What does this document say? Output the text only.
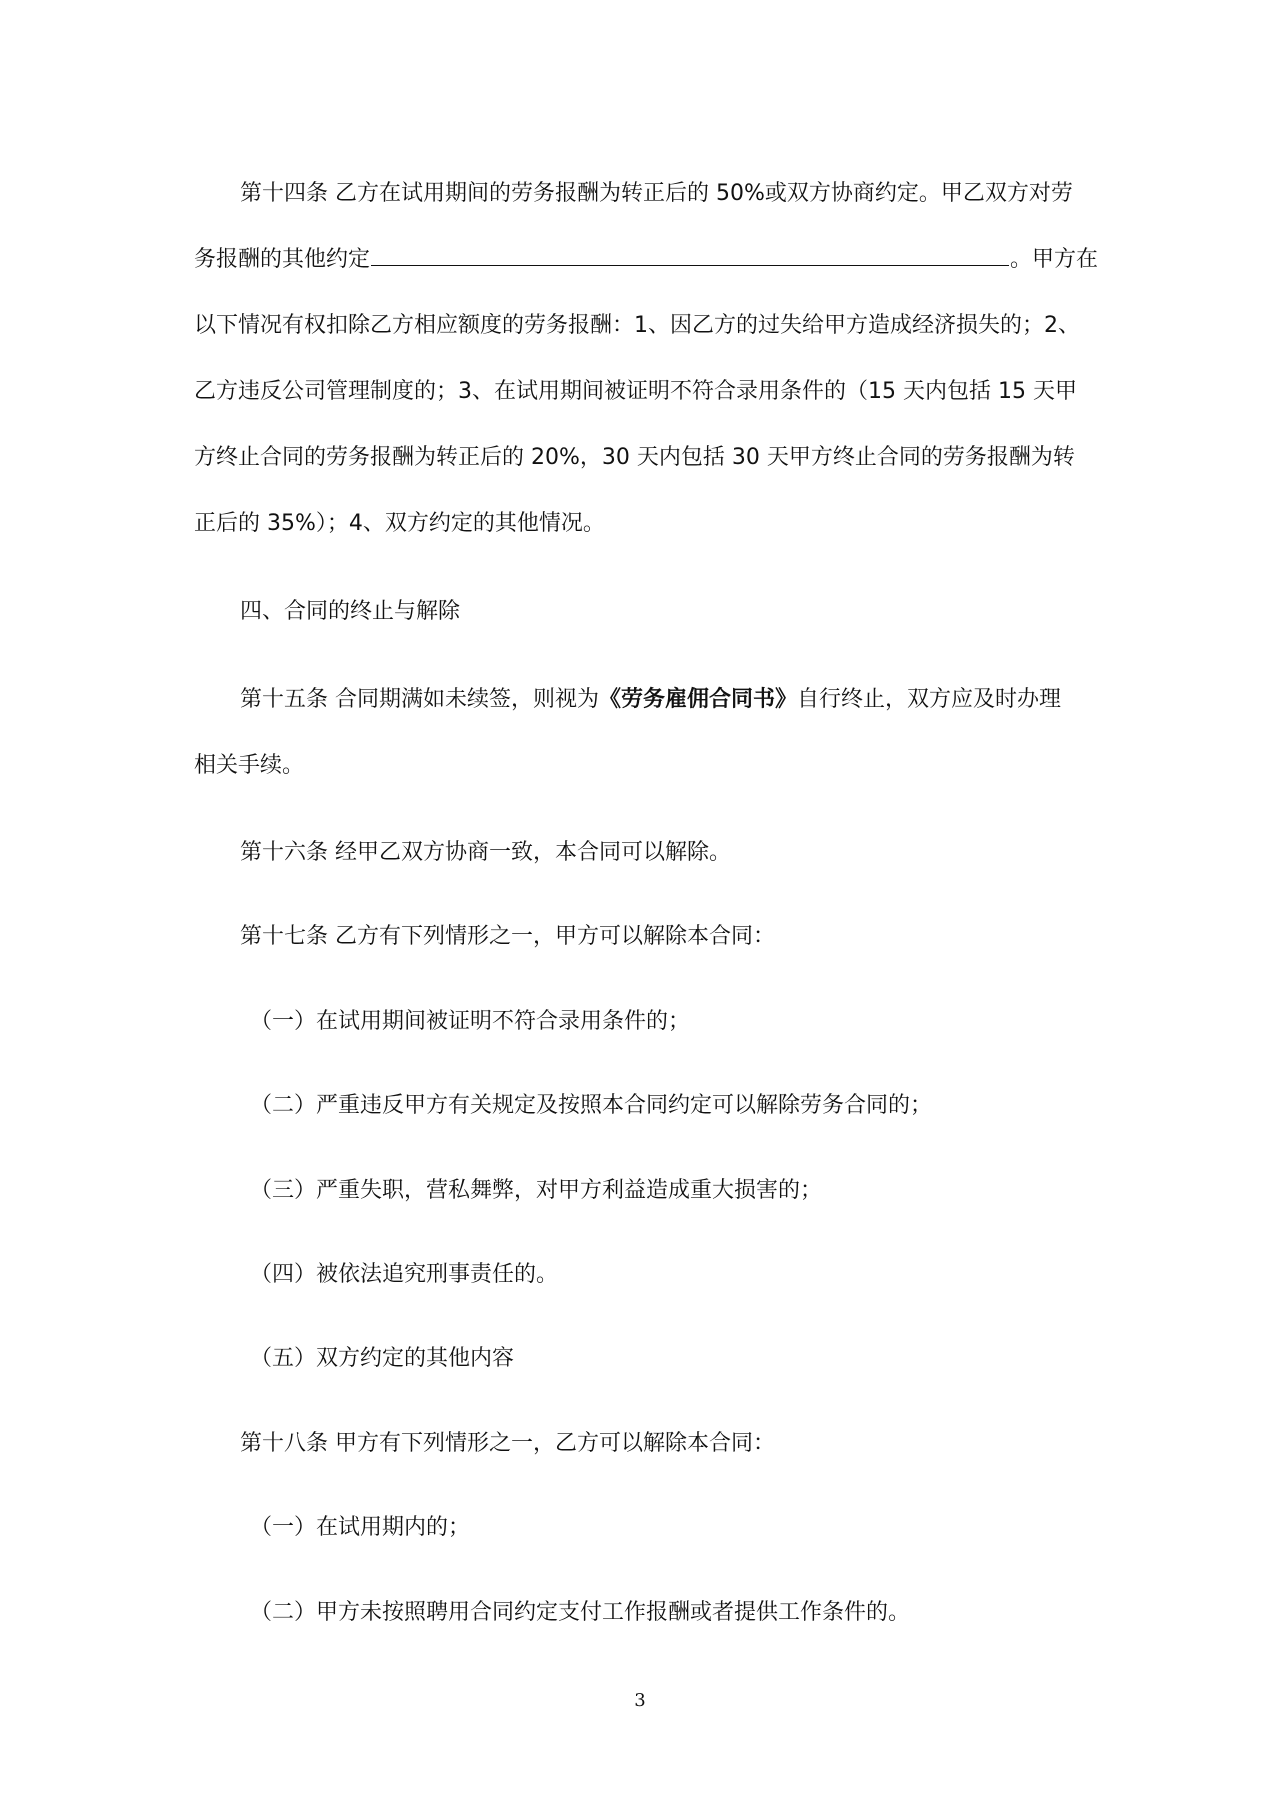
第十四条 乙方在试用期间的劳务报酬为转正后的 50%或双方协商约定。甲乙双方对劳
务报酬的其他约定	。甲方在
以下情况有权扣除乙方相应额度的劳务报酬：1、因乙方的过失给甲方造成经济损失的；2、
乙方违反公司管理制度的；3、在试用期间被证明不符合录用条件的（15 天内包括 15 天甲
方终止合同的劳务报酬为转正后的 20%，30 天内包括 30 天甲方终止合同的劳务报酬为转
正后的 35%）；4、双方约定的其他情况。
四、合同的终止与解除
第十五条 合同期满如未续签，则视为《劳务雇佣合同书》自行终止，双方应及时办理
相关手续。
第十六条 经甲乙双方协商一致，本合同可以解除。
第十七条 乙方有下列情形之一，甲方可以解除本合同：
（一）在试用期间被证明不符合录用条件的；
（二）严重违反甲方有关规定及按照本合同约定可以解除劳务合同的；
（三）严重失职，营私舞弊，对甲方利益造成重大损害的；
（四）被依法追究刑事责任的。
（五）双方约定的其他内容
第十八条 甲方有下列情形之一，乙方可以解除本合同：
（一）在试用期内的；
（二）甲方未按照聘用合同约定支付工作报酬或者提供工作条件的。
3
